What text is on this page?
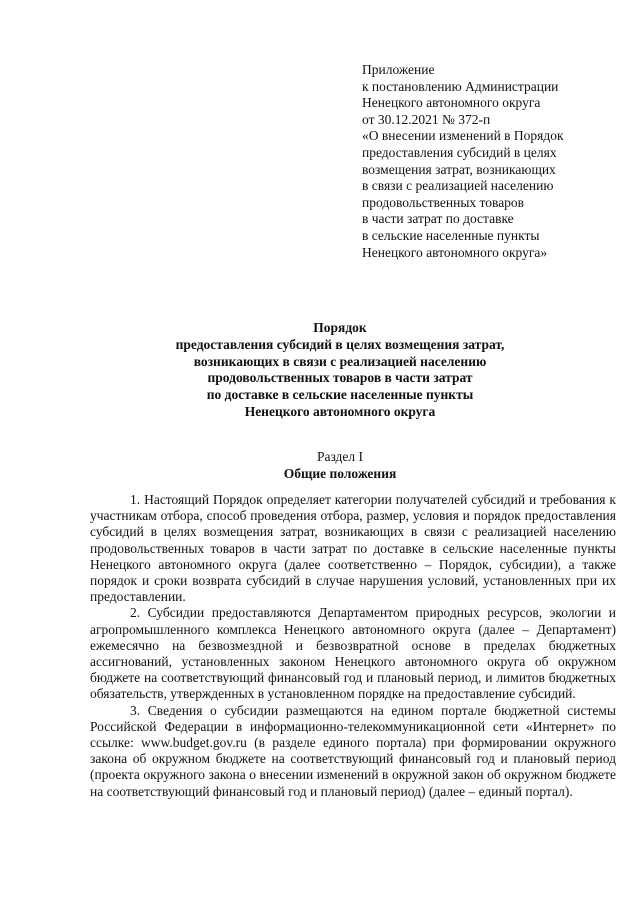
Приложение
к постановлению Администрации
Ненецкого автономного округа
от 30.12.2021 № 372-п
«О внесении изменений в Порядок
предоставления субсидий в целях
возмещения затрат, возникающих
в связи с реализацией населению
продовольственных товаров
в части затрат по доставке
в сельские населенные пункты
Ненецкого автономного округа»
Порядок
предоставления субсидий в целях возмещения затрат,
возникающих в связи с реализацией населению
продовольственных товаров в части затрат
по доставке в сельские населенные пункты
Ненецкого автономного округа
Раздел I
Общие положения

1. Настоящий Порядок определяет категории получателей субсидий и требования к участникам отбора, способ проведения отбора, размер, условия и порядок предоставления субсидий в целях возмещения затрат, возникающих в связи с реализацией населению продовольственных товаров в части затрат по доставке в сельские населенные пункты Ненецкого автономного округа (далее соответственно – Порядок, субсидии), а также порядок и сроки возврата субсидий в случае нарушения условий, установленных при их предоставлении.

2. Субсидии предоставляются Департаментом природных ресурсов, экологии и агропромышленного комплекса Ненецкого автономного округа (далее – Департамент) ежемесячно на безвозмездной и безвозвратной основе в пределах бюджетных ассигнований, установленных законом Ненецкого автономного округа об окружном бюджете на соответствующий финансовый год и плановый период, и лимитов бюджетных обязательств, утвержденных в установленном порядке на предоставление субсидий.

3. Сведения о субсидии размещаются на едином портале бюджетной системы Российской Федерации в информационно-телекоммуникационной сети «Интернет» по ссылке: www.budget.gov.ru (в разделе единого портала) при формировании окружного закона об окружном бюджете на соответствующий финансовый год и плановый период (проекта окружного закона о внесении изменений в окружной закон об окружном бюджете на соответствующий финансовый год и плановый период) (далее – единый портал).
